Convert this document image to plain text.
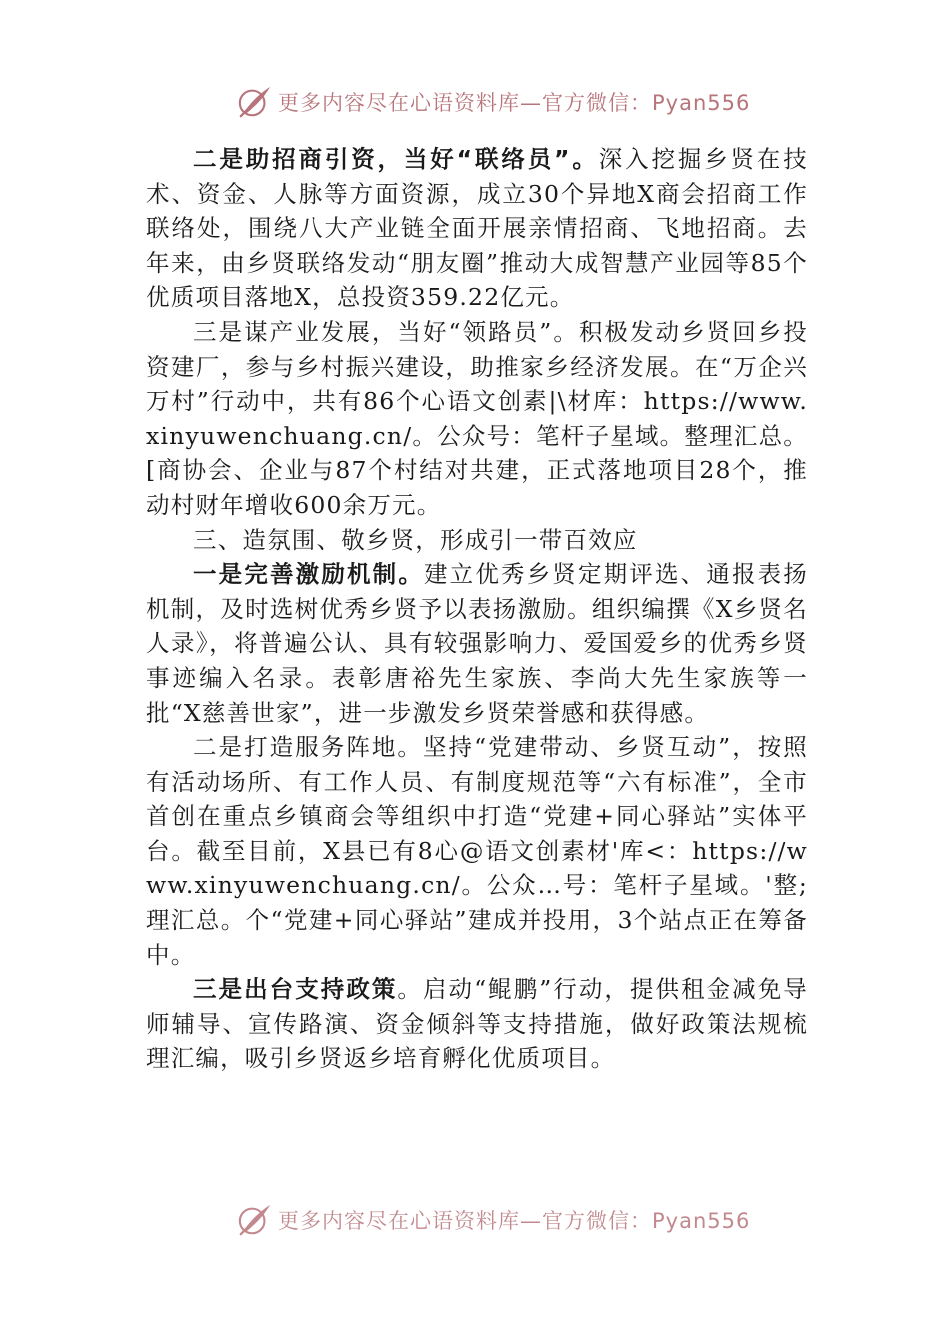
更多内容尽在心语资料库—官方微信：Pyan556

二是助招商引资，当好“联络员”。深入挖掘乡贤在技术、资金、人脉等方面资源，成立30个异地X商会招商工作联络处，围绕八大产业链全面开展亲情招商、飞地招商。去年来，由乡贤联络发动“朋友圈”推动大成智慧产业园等85个优质项目落地X，总投资359.22亿元。

三是谋产业发展，当好“领路员”。积极发动乡贤回乡投资建厂，参与乡村振兴建设，助推家乡经济发展。在“万企兴万村”行动中，共有86个心语文创素|\材库：https://www.xinyuwenchuang.cn/。公众号：笔杆子星域。整理汇总。[商协会、企业与87个村结对共建，正式落地项目28个，推动村财年增收600余万元。

三、造氛围、敬乡贤，形成引一带百效应

一是完善激励机制。建立优秀乡贤定期评选、通报表扬机制，及时选树优秀乡贤予以表扬激励。组织编撰《X乡贤名人录》，将普遍公认、具有较强影响力、爱国爱乡的优秀乡贤事迹编入名录。表彰唐裕先生家族、李尚大先生家族等一批“X慈善世家”，进一步激发乡贤荣誉感和获得感。

二是打造服务阵地。坚持“党建带动、乡贤互动”，按照有活动场所、有工作人员、有制度规范等“六有标准”，全市首创在重点乡镇商会等组织中打造“党建+同心驿站”实体平台。截至目前，X县已有8心@语文创素材'库<：https://www.xinyuwenchuang.cn/。公众…号：笔杆子星域。'整;理汇总。个“党建+同心驿站”建成并投用，3个站点正在筹备中。

三是出台支持政策。启动“鲲鹏”行动，提供租金减免导师辅导、宣传路演、资金倾斜等支持措施，做好政策法规梳理汇编，吸引乡贤返乡培育孵化优质项目。

更多内容尽在心语资料库—官方微信：Pyan556
